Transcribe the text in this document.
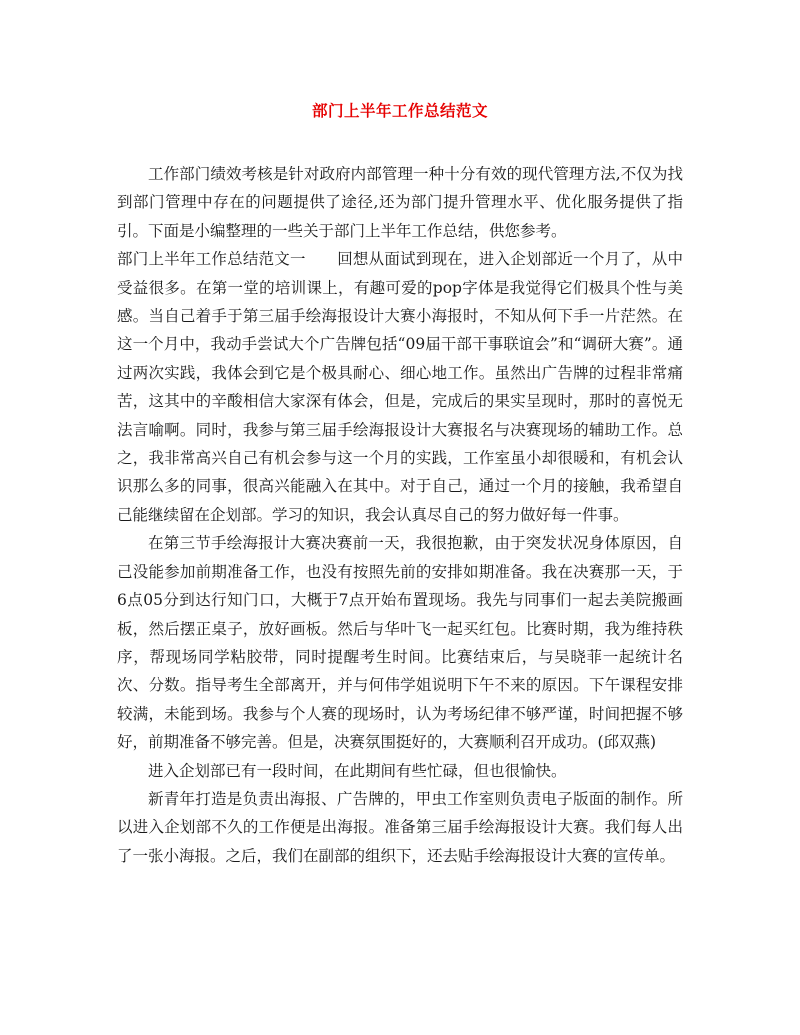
部门上半年工作总结范文

工作部门绩效考核是针对政府内部管理一种十分有效的现代管理方法,不仅为找到部门管理中存在的问题提供了途径,还为部门提升管理水平、优化服务提供了指引。下面是小编整理的一些关于部门上半年工作总结，供您参考。

部门上半年工作总结范文一　　回想从面试到现在，进入企划部近一个月了，从中受益很多。在第一堂的培训课上，有趣可爱的pop字体是我觉得它们极具个性与美感。当自己着手于第三届手绘海报设计大赛小海报时，不知从何下手一片茫然。在这一个月中，我动手尝试大个广告牌包括“09届干部干事联谊会”和“调研大赛”。通过两次实践，我体会到它是个极具耐心、细心地工作。虽然出广告牌的过程非常痛苦，这其中的辛酸相信大家深有体会，但是，完成后的果实呈现时，那时的喜悦无法言喻啊。同时，我参与第三届手绘海报设计大赛报名与决赛现场的辅助工作。总之，我非常高兴自己有机会参与这一个月的实践，工作室虽小却很暖和，有机会认识那么多的同事，很高兴能融入在其中。对于自己，通过一个月的接触，我希望自己能继续留在企划部。学习的知识，我会认真尽自己的努力做好每一件事。

在第三节手绘海报计大赛决赛前一天，我很抱歉，由于突发状况身体原因，自己没能参加前期准备工作，也没有按照先前的安排如期准备。我在决赛那一天，于6点05分到达行知门口，大概于7点开始布置现场。我先与同事们一起去美院搬画板，然后摆正桌子，放好画板。然后与华叶飞一起买红包。比赛时期，我为维持秩序，帮现场同学粘胶带，同时提醒考生时间。比赛结束后，与吴晓菲一起统计名次、分数。指导考生全部离开，并与何伟学姐说明下午不来的原因。下午课程安排较满，未能到场。我参与个人赛的现场时，认为考场纪律不够严谨，时间把握不够好，前期准备不够完善。但是，决赛氛围挺好的，大赛顺利召开成功。(邱双燕)

进入企划部已有一段时间，在此期间有些忙碌，但也很愉快。

新青年打造是负责出海报、广告牌的，甲虫工作室则负责电子版面的制作。所以进入企划部不久的工作便是出海报。准备第三届手绘海报设计大赛。我们每人出了一张小海报。之后，我们在副部的组织下，还去贴手绘海报设计大赛的宣传单。
